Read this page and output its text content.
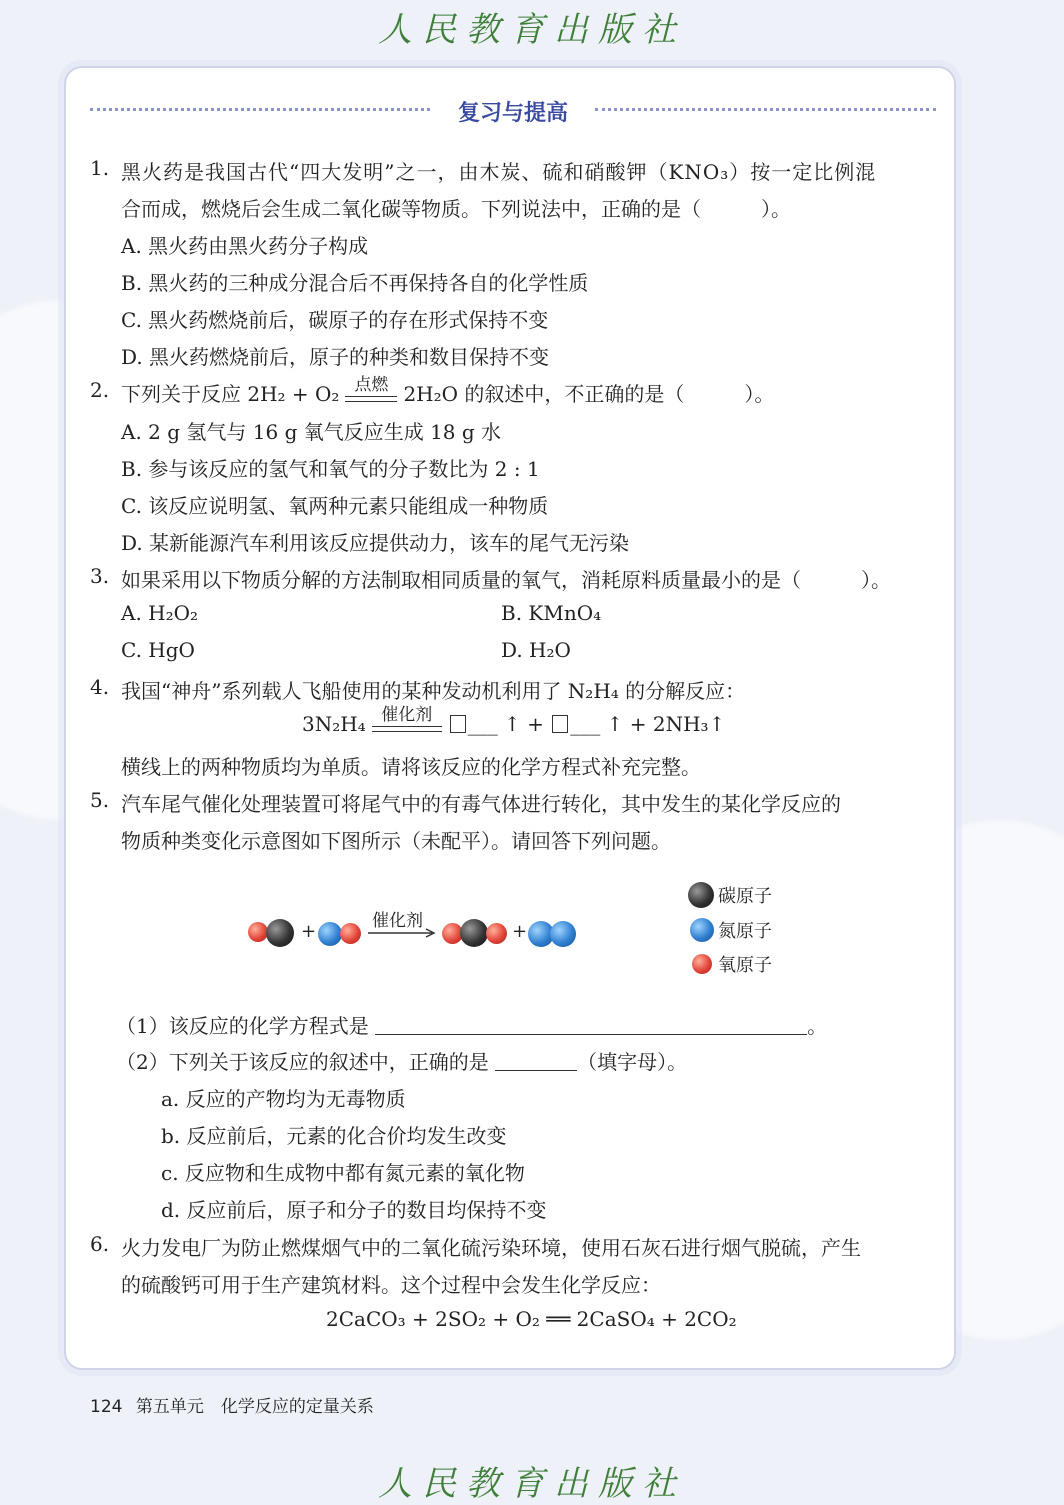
人民教育出版社
复习与提高
1. 黑火药是我国古代“四大发明”之一，由木炭、硫和硝酸钾（KNO₃）按一定比例混
合而成，燃烧后会生成二氧化碳等物质。下列说法中，正确的是（　　　）。
A. 黑火药由黑火药分子构成
B. 黑火药的三种成分混合后不再保持各自的化学性质
C. 黑火药燃烧前后，碳原子的存在形式保持不变
D. 黑火药燃烧前后，原子的种类和数目保持不变
2. 下列关于反应 2H₂ + O₂ 点燃 2H₂O 的叙述中，不正确的是（　　　）。
A. 2 g 氢气与 16 g 氧气反应生成 18 g 水
B. 参与该反应的氢气和氧气的分子数比为 2 : 1
C. 该反应说明氢、氧两种元素只能组成一种物质
D. 某新能源汽车利用该反应提供动力，该车的尾气无污染
3. 如果采用以下物质分解的方法制取相同质量的氧气，消耗原料质量最小的是（　　　）。
A. H₂O₂	B. KMnO₄
C. HgO	D. H₂O
4. 我国“神舟”系列载人飞船使用的某种发动机利用了 N₂H₄ 的分解反应：
3N₂H₄ 催化剂	___ ↑ + ___ ↑ + 2NH₃↑
横线上的两种物质均为单质。请将该反应的化学方程式补充完整。
5. 汽车尾气催化处理装置可将尾气中的有毒气体进行转化，其中发生的某化学反应的
物质种类变化示意图如下图所示（未配平）。请回答下列问题。
+	催化剂	+
碳原子
氮原子
氧原子
（1）该反应的化学方程式是	。
（2）下列关于该反应的叙述中，正确的是	（填字母）。
a. 反应的产物均为无毒物质
b. 反应前后，元素的化合价均发生改变
c. 反应物和生成物中都有氮元素的氧化物
d. 反应前后，原子和分子的数目均保持不变
6. 火力发电厂为防止燃煤烟气中的二氧化硫污染环境，使用石灰石进行烟气脱硫，产生
的硫酸钙可用于生产建筑材料。这个过程中会发生化学反应：
2CaCO₃ + 2SO₂ + O₂ ══ 2CaSO₄ + 2CO₂
124 第五单元　化学反应的定量关系
人民教育出版社
